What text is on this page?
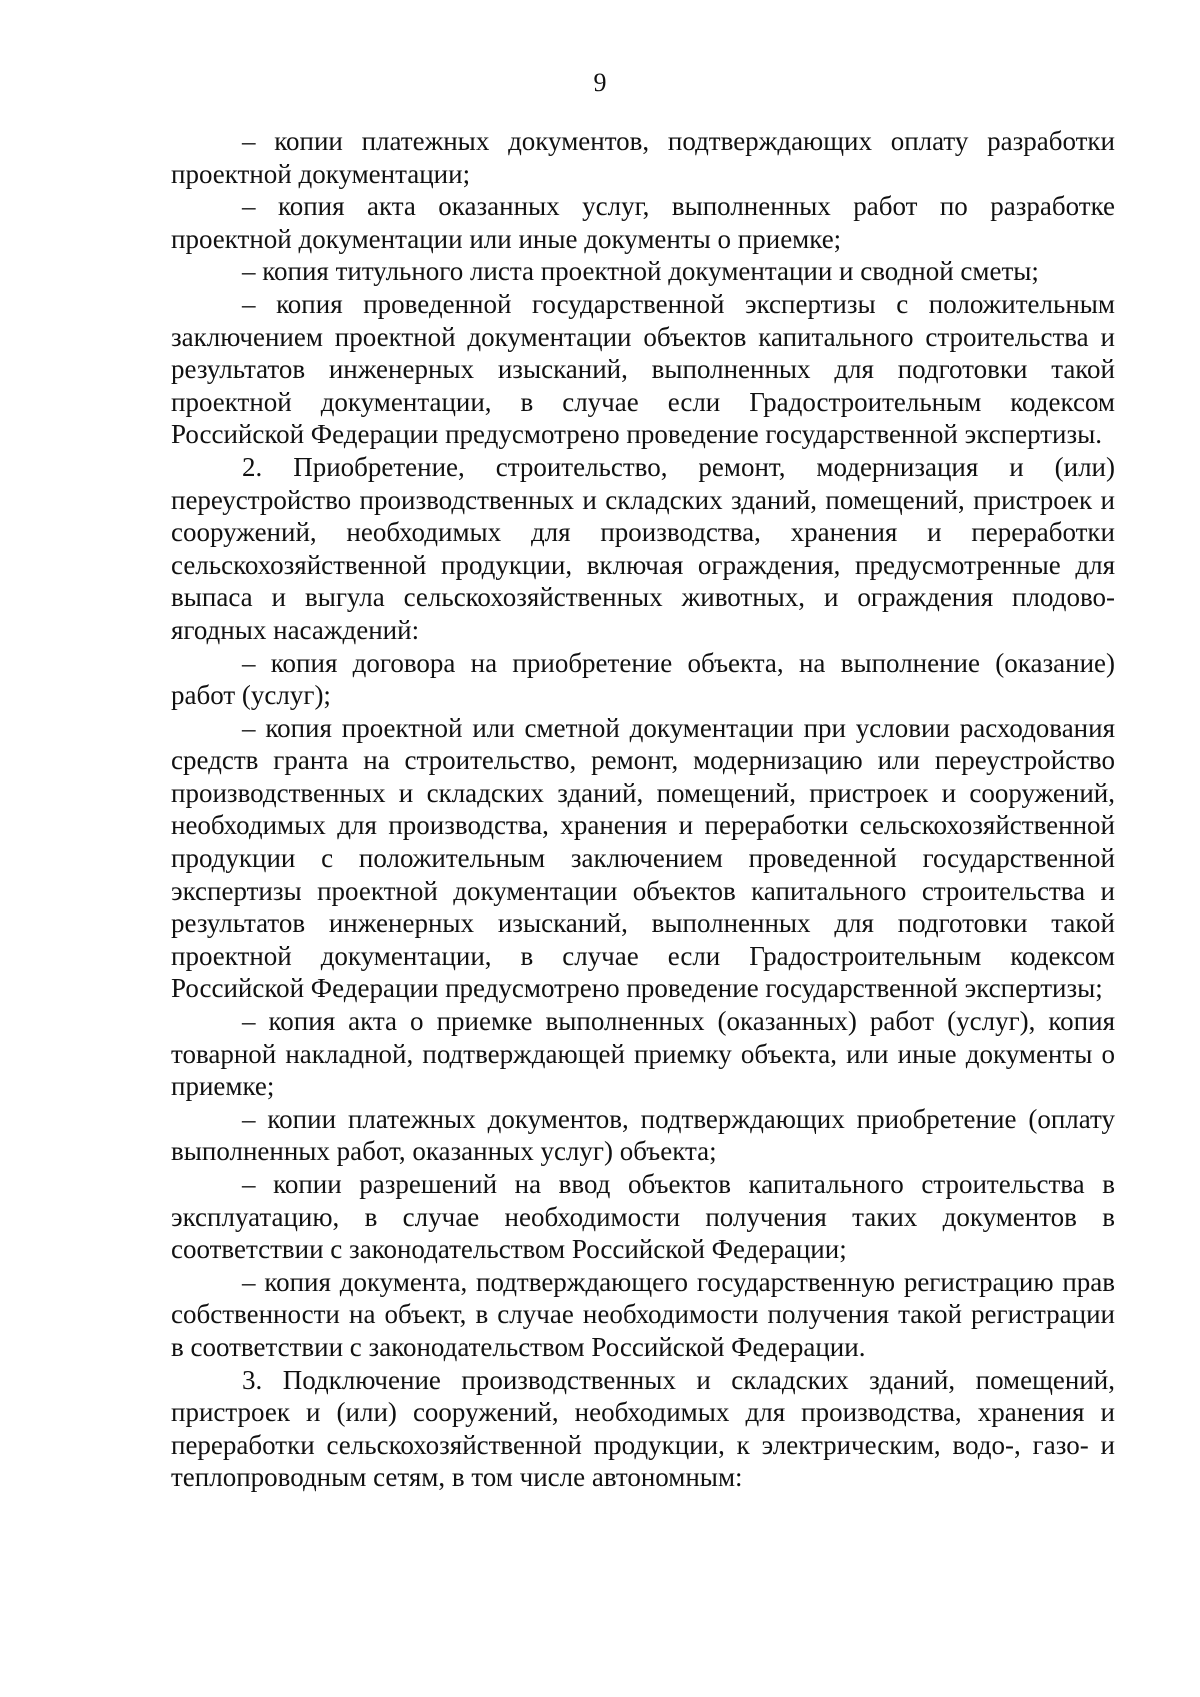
9

– копии платежных документов, подтверждающих оплату разработки проектной документации;

– копия акта оказанных услуг, выполненных работ по разработке проектной документации или иные документы о приемке;

– копия титульного листа проектной документации и сводной сметы;

– копия проведенной государственной экспертизы с положительным заключением проектной документации объектов капитального строительства и результатов инженерных изысканий, выполненных для подготовки такой проектной документации, в случае если Градостроительным кодексом Российской Федерации предусмотрено проведение государственной экспертизы.

2. Приобретение, строительство, ремонт, модернизация и (или) переустройство производственных и складских зданий, помещений, пристроек и сооружений, необходимых для производства, хранения и переработки сельскохозяйственной продукции, включая ограждения, предусмотренные для выпаса и выгула сельскохозяйственных животных, и ограждения плодово-ягодных насаждений:

– копия договора на приобретение объекта, на выполнение (оказание) работ (услуг);

– копия проектной или сметной документации при условии расходования средств гранта на строительство, ремонт, модернизацию или переустройство производственных и складских зданий, помещений, пристроек и сооружений, необходимых для производства, хранения и переработки сельскохозяйственной продукции с положительным заключением проведенной государственной экспертизы проектной документации объектов капитального строительства и результатов инженерных изысканий, выполненных для подготовки такой проектной документации, в случае если Градостроительным кодексом Российской Федерации предусмотрено проведение государственной экспертизы;

– копия акта о приемке выполненных (оказанных) работ (услуг), копия товарной накладной, подтверждающей приемку объекта, или иные документы о приемке;

– копии платежных документов, подтверждающих приобретение (оплату выполненных работ, оказанных услуг) объекта;

– копии разрешений на ввод объектов капитального строительства в эксплуатацию, в случае необходимости получения таких документов в соответствии с законодательством Российской Федерации;

– копия документа, подтверждающего государственную регистрацию прав собственности на объект, в случае необходимости получения такой регистрации в соответствии с законодательством Российской Федерации.

3. Подключение производственных и складских зданий, помещений, пристроек и (или) сооружений, необходимых для производства, хранения и переработки сельскохозяйственной продукции, к электрическим, водо-, газо- и теплопроводным сетям, в том числе автономным:
